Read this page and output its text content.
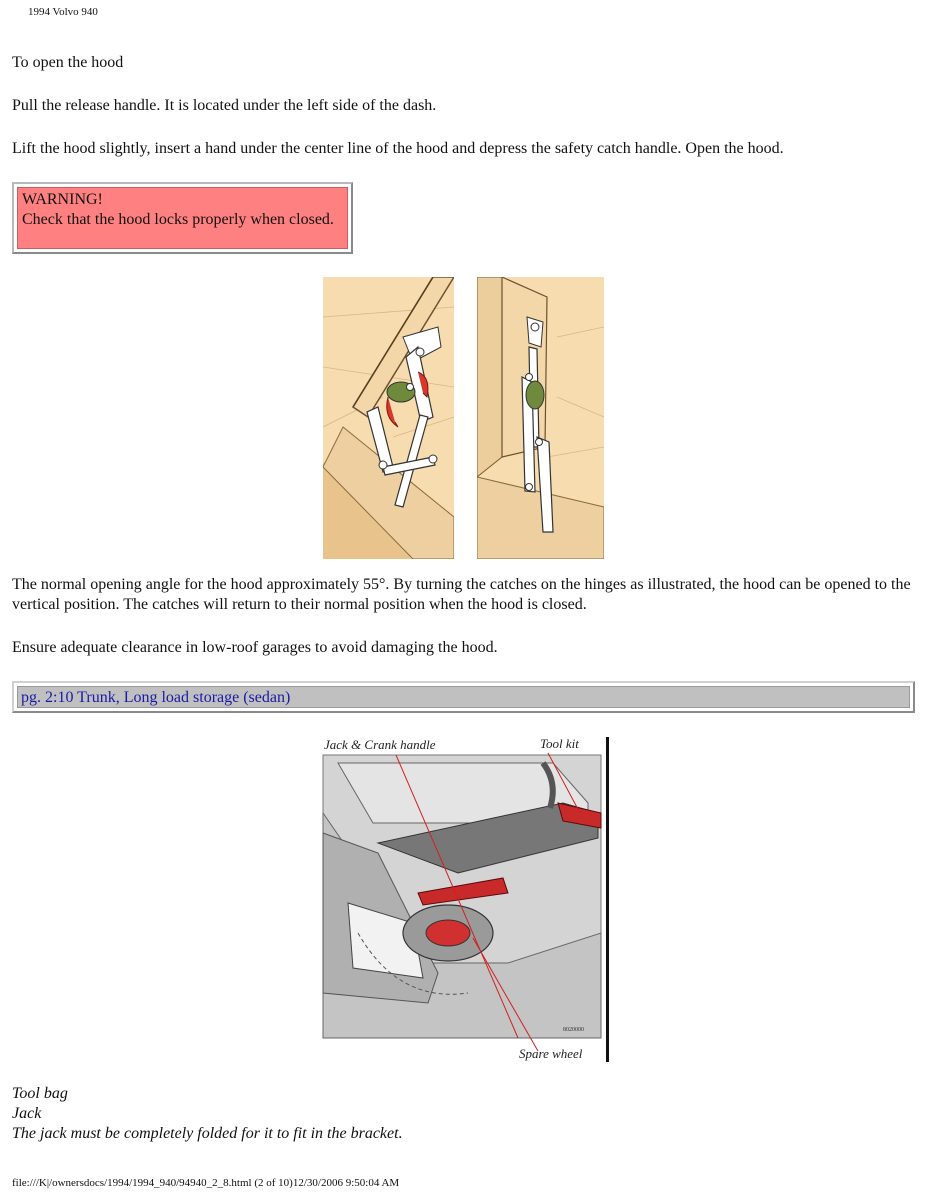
1994 Volvo 940
To open the hood
Pull the release handle. It is located under the left side of the dash.
Lift the hood slightly, insert a hand under the center line of the hood and depress the safety catch handle. Open the hood.
WARNING!
Check that the hood locks properly when closed.
The normal opening angle for the hood approximately 55°. By turning the catches on the hinges as illustrated, the hood can be opened to the vertical position. The catches will return to their normal position when the hood is closed.
Ensure adequate clearance in low-roof garages to avoid damaging the hood.
pg. 2:10 Trunk, Long load storage (sedan)
Jack & Crank handle	Tool kit
Spare wheel
8020000
Tool bag
Jack
The jack must be completely folded for it to fit in the bracket.
file:///K|/ownersdocs/1994/1994_940/94940_2_8.html (2 of 10)12/30/2006 9:50:04 AM
